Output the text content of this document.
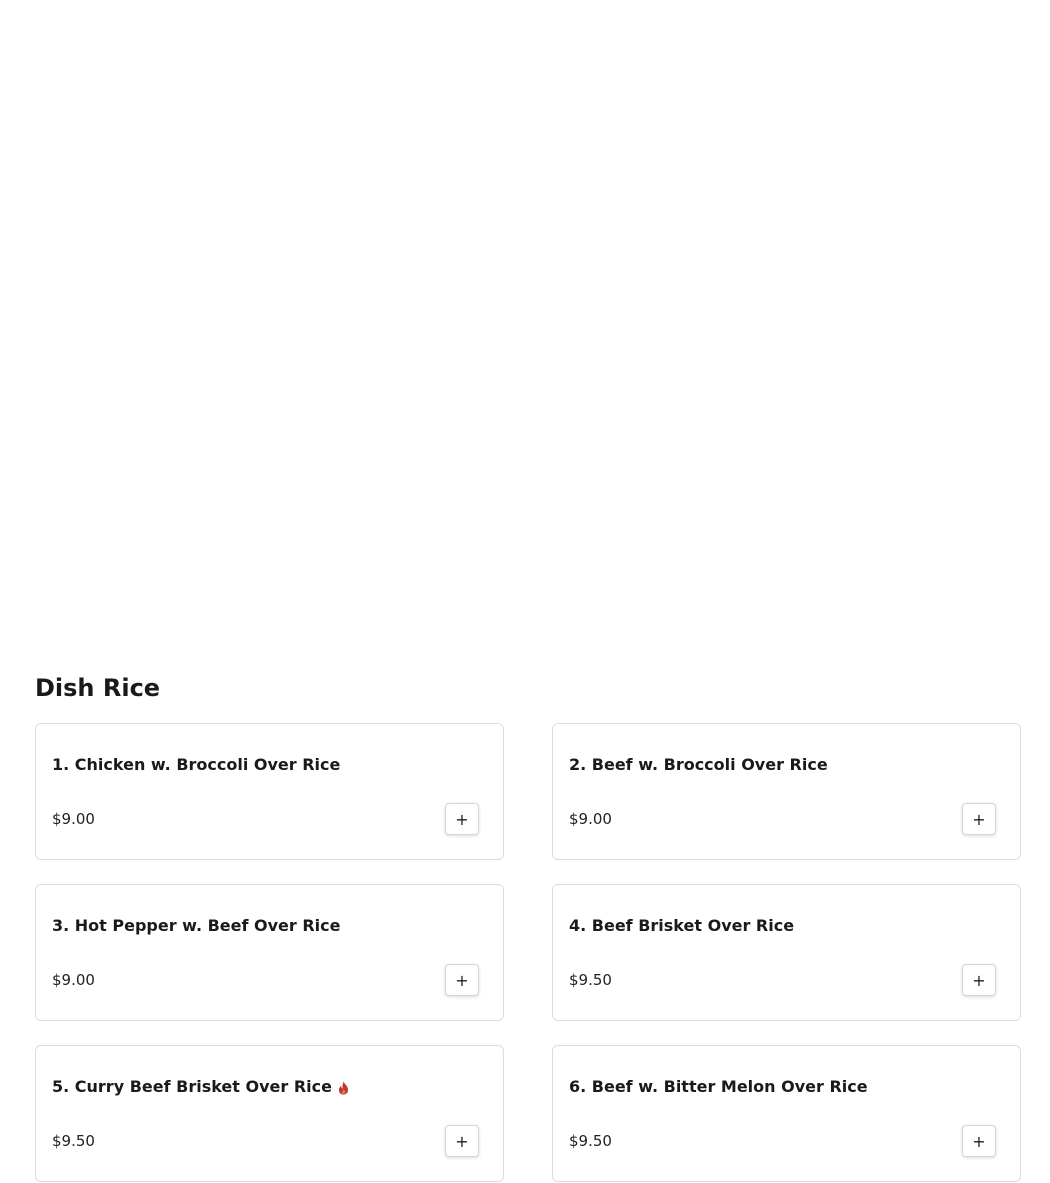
Dish Rice
1. Chicken w. Broccoli Over Rice
$9.00	+
2. Beef w. Broccoli Over Rice
$9.00	+
3. Hot Pepper w. Beef Over Rice
$9.00	+
4. Beef Brisket Over Rice
$9.50	+
5. Curry Beef Brisket Over Rice
$9.50	+
6. Beef w. Bitter Melon Over Rice
$9.50	+
